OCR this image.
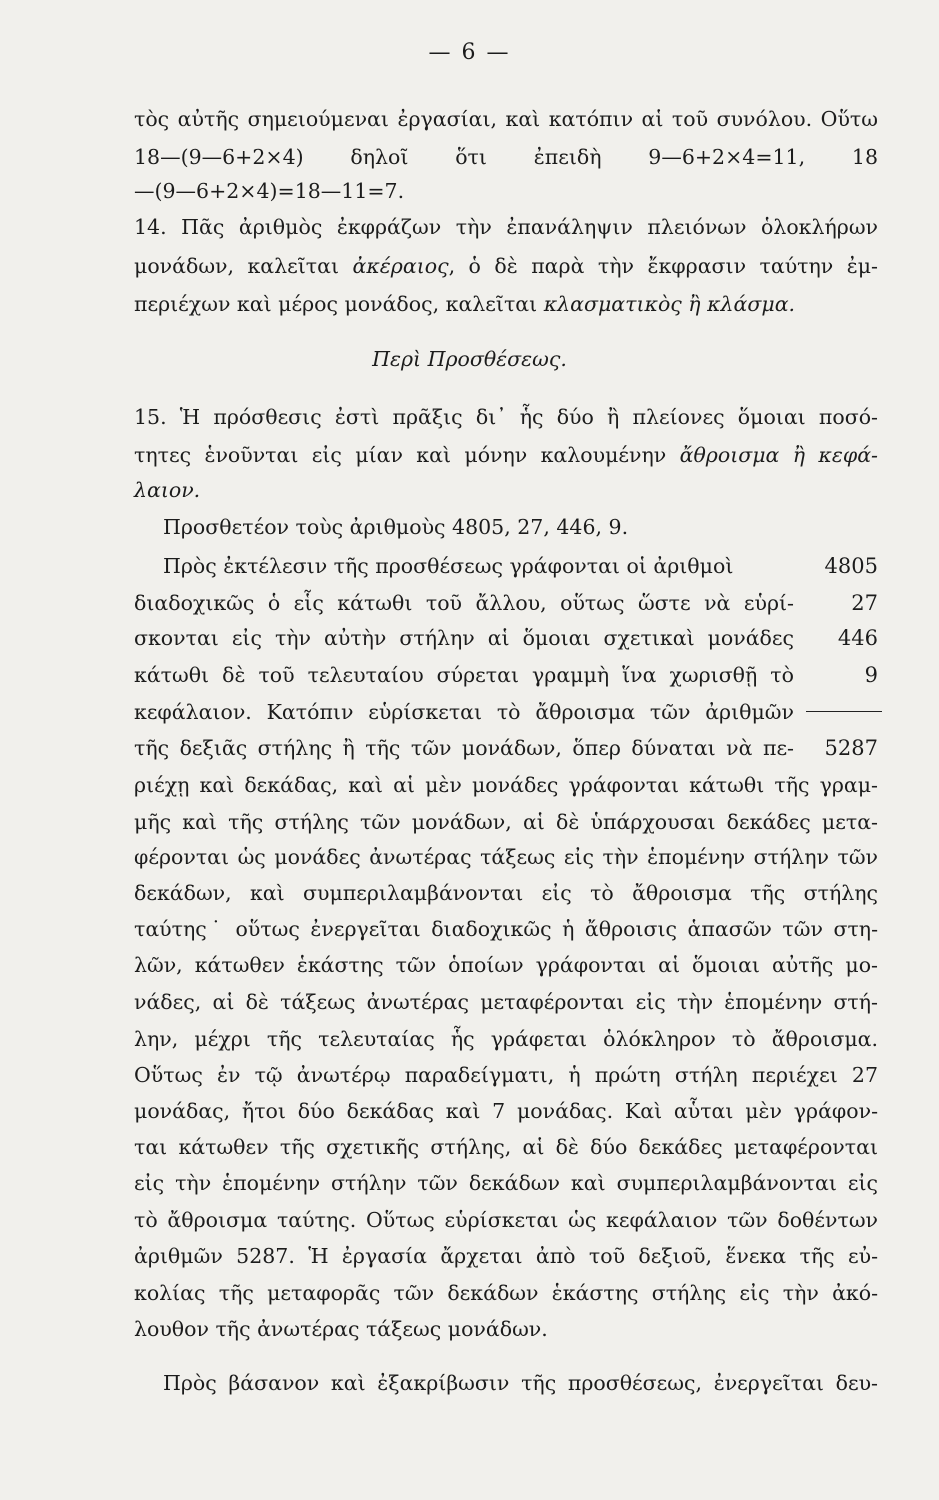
— 6 —
τὸς αὐτῆς σημειούμεναι ἐργασίαι, καὶ κατόπιν αἱ τοῦ συνόλου. Οὕτω
18—(9—6+2×4) δηλοῖ ὅτι ἐπειδὴ 9—6+2×4=11, 18
—(9—6+2×4)=18—11=7.
14. Πᾶς ἀριθμὸς ἐκφράζων τὴν ἐπανάληψιν πλειόνων ὁλοκλήρων
μονάδων, καλεῖται ἀκέραιος, ὁ δὲ παρὰ τὴν ἔκφρασιν ταύτην ἐμ-
περιέχων καὶ μέρος μονάδος, καλεῖται κλασματικὸς ἢ κλάσμα.
Περὶ Προσθέσεως.
15. Ἡ πρόσθεσις ἐστὶ πρᾶξις δι᾽ ἧς δύο ἢ πλείονες ὅμοιαι ποσό-
τητες ἑνοῦνται εἰς μίαν καὶ μόνην καλουμένην ἄθροισμα ἢ κεφά-
λαιον.
Προσθετέον τοὺς ἀριθμοὺς 4805, 27, 446, 9.
Πρὸς ἐκτέλεσιν τῆς προσθέσεως γράφονται οἱ ἀριθμοὶ
διαδοχικῶς ὁ εἷς κάτωθι τοῦ ἄλλου, οὕτως ὥστε νὰ εὑρί-
σκονται εἰς τὴν αὐτὴν στήλην αἱ ὅμοιαι σχετικαὶ μονάδες
κάτωθι δὲ τοῦ τελευταίου σύρεται γραμμὴ ἵνα χωρισθῇ τὸ
κεφάλαιον. Κατόπιν εὑρίσκεται τὸ ἄθροισμα τῶν ἀριθμῶν
τῆς δεξιᾶς στήλης ἢ τῆς τῶν μονάδων, ὅπερ δύναται νὰ πε-
ριέχῃ καὶ δεκάδας, καὶ αἱ μὲν μονάδες γράφονται κάτωθι τῆς γραμ-
μῆς καὶ τῆς στήλης τῶν μονάδων, αἱ δὲ ὑπάρχουσαι δεκάδες μετα-
φέρονται ὡς μονάδες ἀνωτέρας τάξεως εἰς τὴν ἑπομένην στήλην τῶν
δεκάδων, καὶ συμπεριλαμβάνονται εἰς τὸ ἄθροισμα τῆς στήλης
ταύτης˙ οὕτως ἐνεργεῖται διαδοχικῶς ἡ ἄθροισις ἁπασῶν τῶν στη-
λῶν, κάτωθεν ἑκάστης τῶν ὁποίων γράφονται αἱ ὅμοιαι αὐτῆς μο-
νάδες, αἱ δὲ τάξεως ἀνωτέρας μεταφέρονται εἰς τὴν ἑπομένην στή-
λην, μέχρι τῆς τελευταίας ἧς γράφεται ὁλόκληρον τὸ ἄθροισμα.
Οὕτως ἐν τῷ ἀνωτέρῳ παραδείγματι, ἡ πρώτη στήλη περιέχει 27
μονάδας, ἤτοι δύο δεκάδας καὶ 7 μονάδας. Καὶ αὗται μὲν γράφον-
ται κάτωθεν τῆς σχετικῆς στήλης, αἱ δὲ δύο δεκάδες μεταφέρονται
εἰς τὴν ἑπομένην στήλην τῶν δεκάδων καὶ συμπεριλαμβάνονται εἰς
τὸ ἄθροισμα ταύτης. Οὕτως εὑρίσκεται ὡς κεφάλαιον τῶν δοθέντων
ἀριθμῶν 5287. Ἡ ἐργασία ἄρχεται ἀπὸ τοῦ δεξιοῦ, ἕνεκα τῆς εὐ-
κολίας τῆς μεταφορᾶς τῶν δεκάδων ἑκάστης στήλης εἰς τὴν ἀκό-
λουθον τῆς ἀνωτέρας τάξεως μονάδων.
Πρὸς βάσανον καὶ ἐξακρίβωσιν τῆς προσθέσεως, ἐνεργεῖται δευ-
4805
27
446
9
5287
